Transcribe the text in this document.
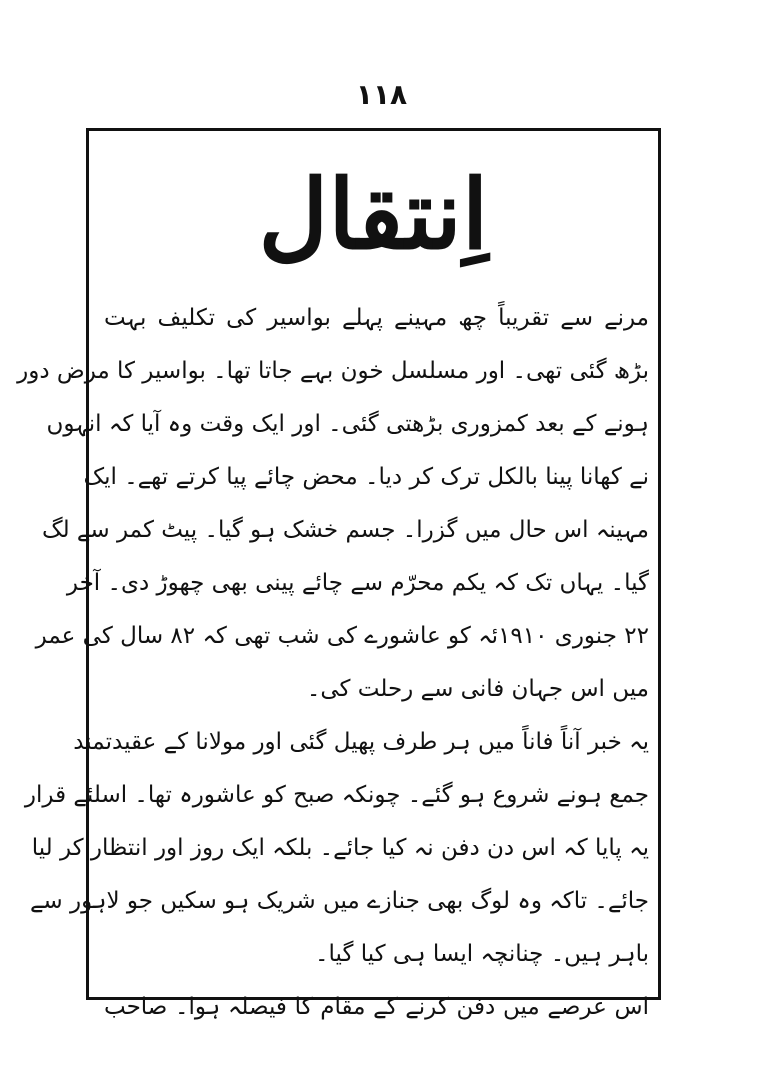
۱۱۸
اِنتقال
مرنے سے تقریباً چھ مہینے پہلے بواسیر کی تکلیف بہت
بڑھ گئی تھی۔ اور مسلسل خون بہے جاتا تھا۔ بواسیر کا مرض دور
ہونے کے بعد کمزوری بڑھتی گئی۔ اور ایک وقت وہ آیا کہ انہوں
نے کھانا پینا بالکل ترک کر دیا۔ محض چائے پیا کرتے تھے۔ ایک
مہینہ اس حال میں گزرا۔ جسم خشک ہو گیا۔ پیٹ کمر سے لگ
گیا۔ یہاں تک کہ یکم محرّم سے چائے پینی بھی چھوڑ دی۔ آخر
۲۲ جنوری ۱۹۱۰ئہ کو عاشورے کی شب تھی کہ ۸۲ سال کی عمر
میں اس جہان فانی سے رحلت کی۔
یہ خبر آناً فاناً میں ہر طرف پھیل گئی اور مولانا کے عقیدتمند
جمع ہونے شروع ہو گئے۔ چونکہ صبح کو عاشورہ تھا۔ اسلئے قرار
یہ پایا کہ اس دن دفن نہ کیا جائے۔ بلکہ ایک روز اور انتظار کر لیا
جائے۔ تاکہ وہ لوگ بھی جنازے میں شریک ہو سکیں جو لاہور سے
باہر ہیں۔ چنانچہ ایسا ہی کیا گیا۔
اس عرصے میں دفن کرنے کے مقام کا فیصلہ ہوا۔ صاحب
